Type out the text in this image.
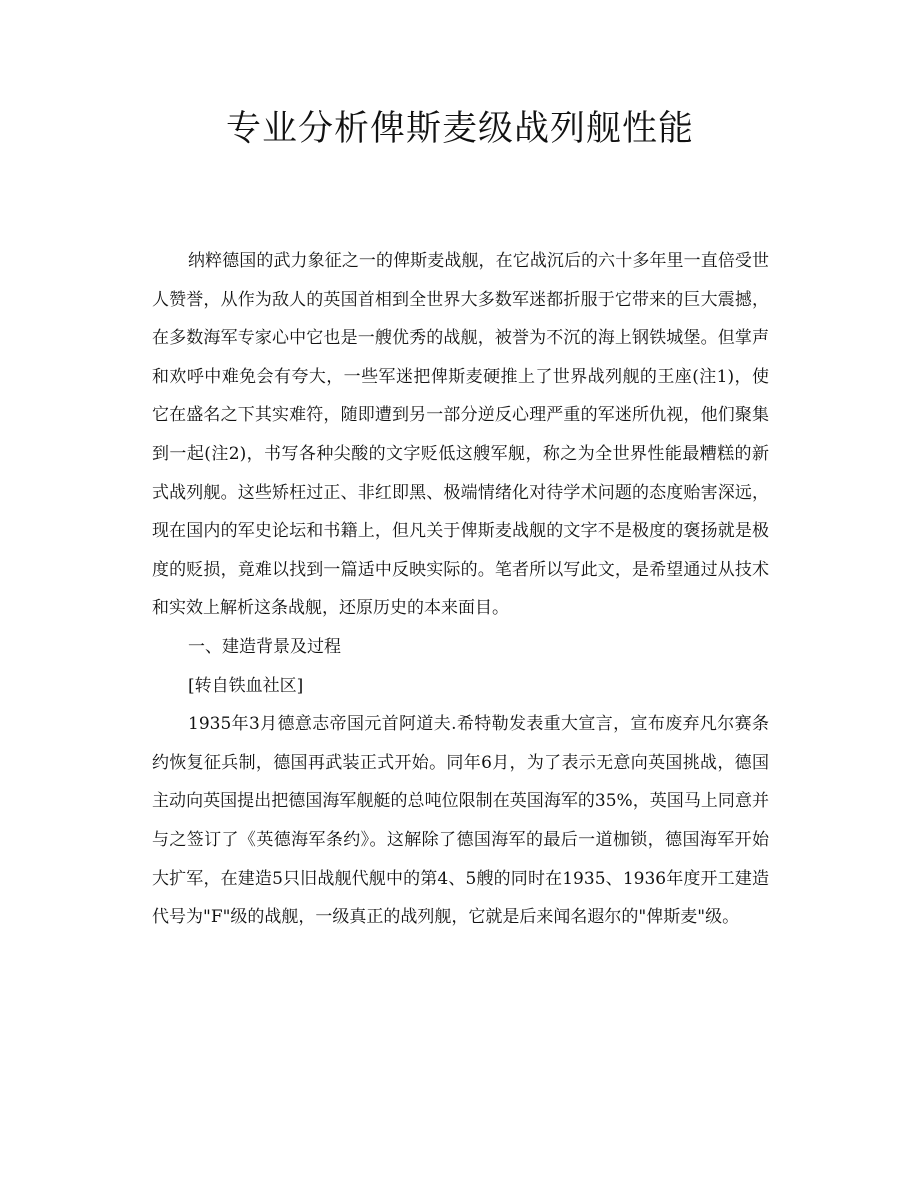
专业分析俾斯麦级战列舰性能

纳粹德国的武力象征之一的俾斯麦战舰，在它战沉后的六十多年里一直倍受世人赞誉，从作为敌人的英国首相到全世界大多数军迷都折服于它带来的巨大震撼，在多数海军专家心中它也是一艘优秀的战舰，被誉为不沉的海上钢铁城堡。但掌声和欢呼中难免会有夸大，一些军迷把俾斯麦硬推上了世界战列舰的王座(注1)，使它在盛名之下其实难符，随即遭到另一部分逆反心理严重的军迷所仇视，他们聚集到一起(注2)，书写各种尖酸的文字贬低这艘军舰，称之为全世界性能最糟糕的新式战列舰。这些矫枉过正、非红即黑、极端情绪化对待学术问题的态度贻害深远，现在国内的军史论坛和书籍上，但凡关于俾斯麦战舰的文字不是极度的褒扬就是极度的贬损，竟难以找到一篇适中反映实际的。笔者所以写此文，是希望通过从技术和实效上解析这条战舰，还原历史的本来面目。

一、建造背景及过程

[转自铁血社区]

1935年3月德意志帝国元首阿道夫.希特勒发表重大宣言，宣布废弃凡尔赛条约恢复征兵制，德国再武装正式开始。同年6月，为了表示无意向英国挑战，德国主动向英国提出把德国海军舰艇的总吨位限制在英国海军的35%，英国马上同意并与之签订了《英德海军条约》。这解除了德国海军的最后一道枷锁，德国海军开始大扩军，在建造5只旧战舰代舰中的第4、5艘的同时在1935、1936年度开工建造代号为"F"级的战舰，一级真正的战列舰，它就是后来闻名遐尔的"俾斯麦"级。
